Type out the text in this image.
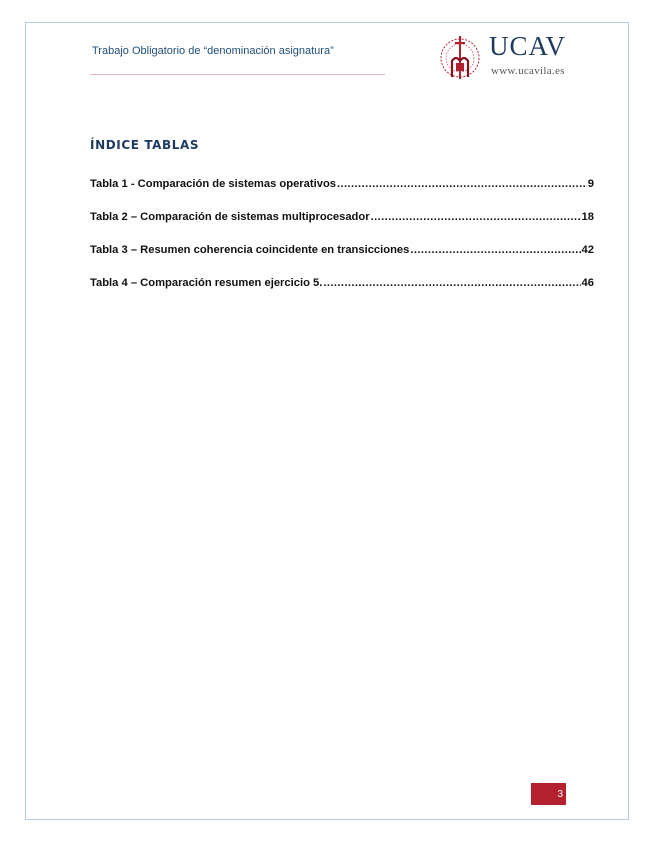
Trabajo Obligatorio de “denominación asignatura”	UCAV
www.ucavila.es
ÍNDICE TABLAS
Tabla 1 - Comparación de sistemas operativos .....	9
Tabla 2 – Comparación de sistemas multiprocesador .....	18
Tabla 3 – Resumen coherencia coincidente en transicciones .....	42
Tabla 4 – Comparación resumen ejercicio 5. .....	46
3
